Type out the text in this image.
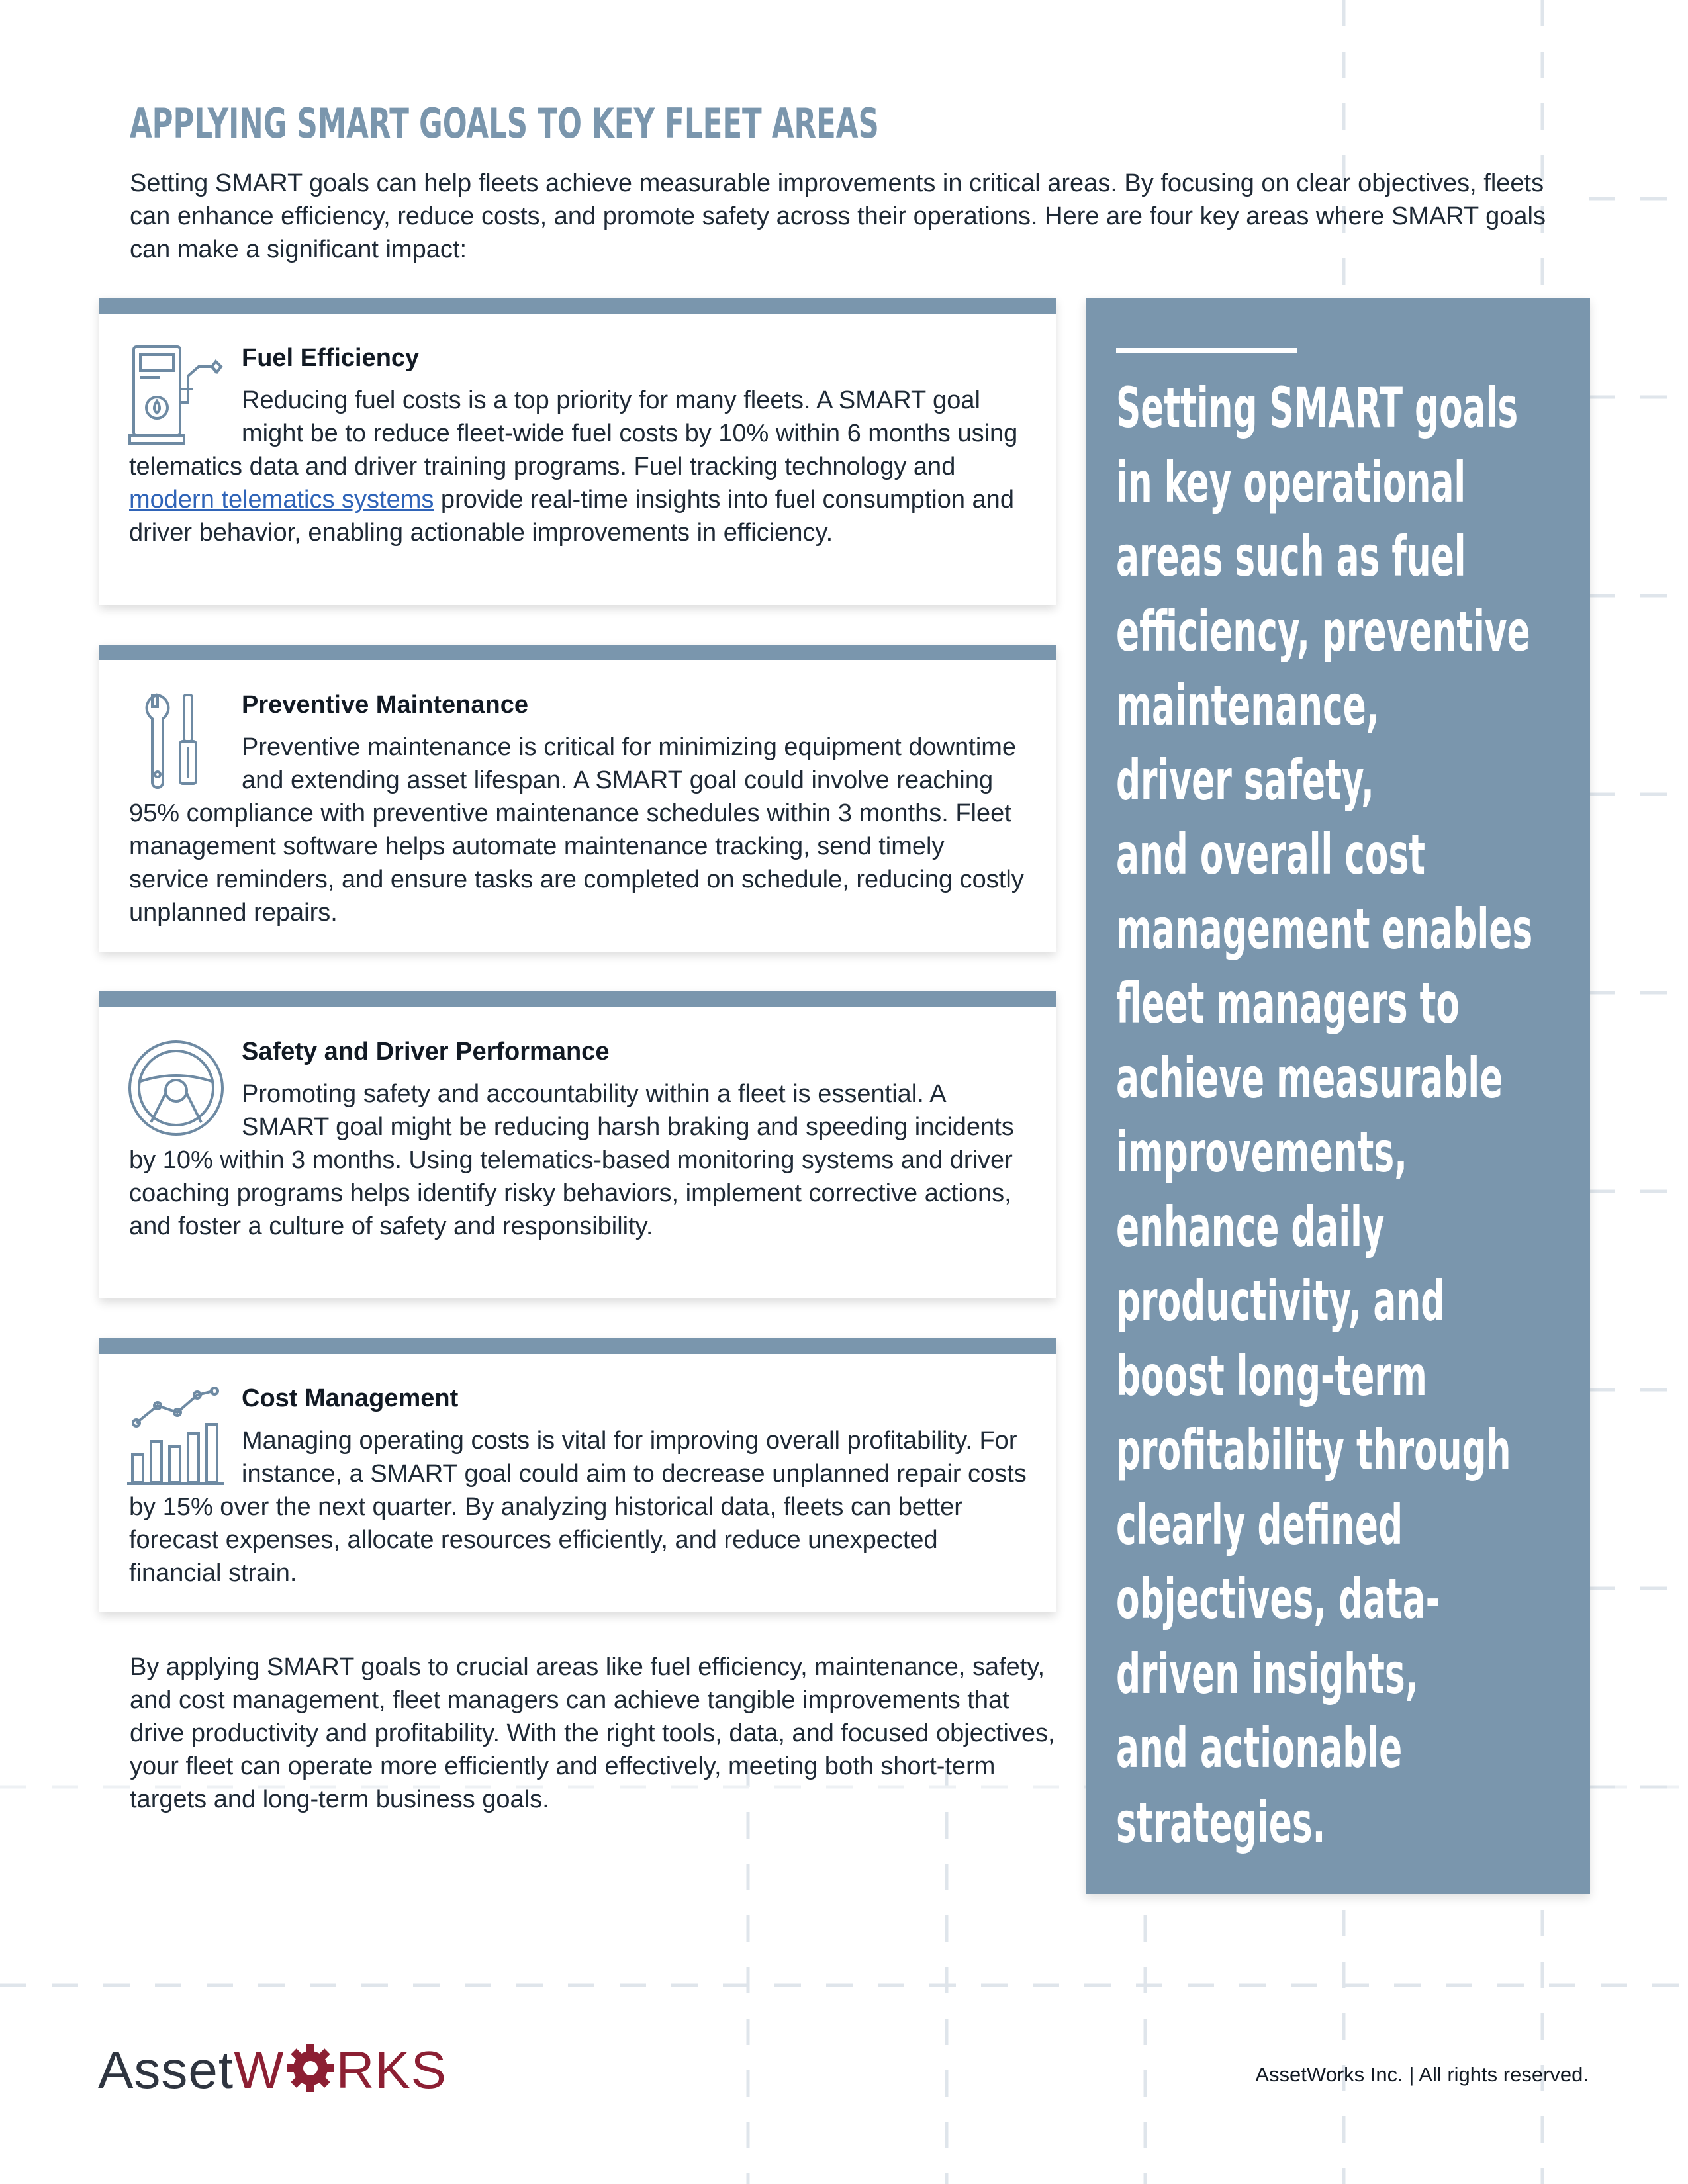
APPLYING SMART GOALS TO KEY FLEET AREAS

Setting SMART goals can help fleets achieve measurable improvements in critical areas. By focusing on clear objectives, fleets can enhance efficiency, reduce costs, and promote safety across their operations. Here are four key areas where SMART goals can make a significant impact:

Fuel Efficiency

Reducing fuel costs is a top priority for many fleets. A SMART goal might be to reduce fleet-wide fuel costs by 10% within 6 months using telematics data and driver training programs. Fuel tracking technology and modern telematics systems provide real-time insights into fuel consumption and driver behavior, enabling actionable improvements in efficiency.

Preventive Maintenance

Preventive maintenance is critical for minimizing equipment downtime and extending asset lifespan. A SMART goal could involve reaching 95% compliance with preventive maintenance schedules within 3 months. Fleet management software helps automate maintenance tracking, send timely service reminders, and ensure tasks are completed on schedule, reducing costly unplanned repairs.

Safety and Driver Performance

Promoting safety and accountability within a fleet is essential. A SMART goal might be reducing harsh braking and speeding incidents by 10% within 3 months. Using telematics-based monitoring systems and driver coaching programs helps identify risky behaviors, implement corrective actions, and foster a culture of safety and responsibility.

Cost Management

Managing operating costs is vital for improving overall profitability. For instance, a SMART goal could aim to decrease unplanned repair costs by 15% over the next quarter. By analyzing historical data, fleets can better forecast expenses, allocate resources efficiently, and reduce unexpected financial strain.

By applying SMART goals to crucial areas like fuel efficiency, maintenance, safety, and cost management, fleet managers can achieve tangible improvements that drive productivity and profitability. With the right tools, data, and focused objectives, your fleet can operate more efficiently and effectively, meeting both short-term targets and long-term business goals.

Setting SMART goals
in key operational
areas such as fuel
efficiency, preventive
maintenance,
driver safety,
and overall cost
management enables
fleet managers to
achieve measurable
improvements,
enhance daily
productivity, and
boost long-term
profitability through
clearly defined
objectives, data-
driven insights,
and actionable
strategies.

AssetW RKS	AssetWorks Inc. | All rights reserved.
